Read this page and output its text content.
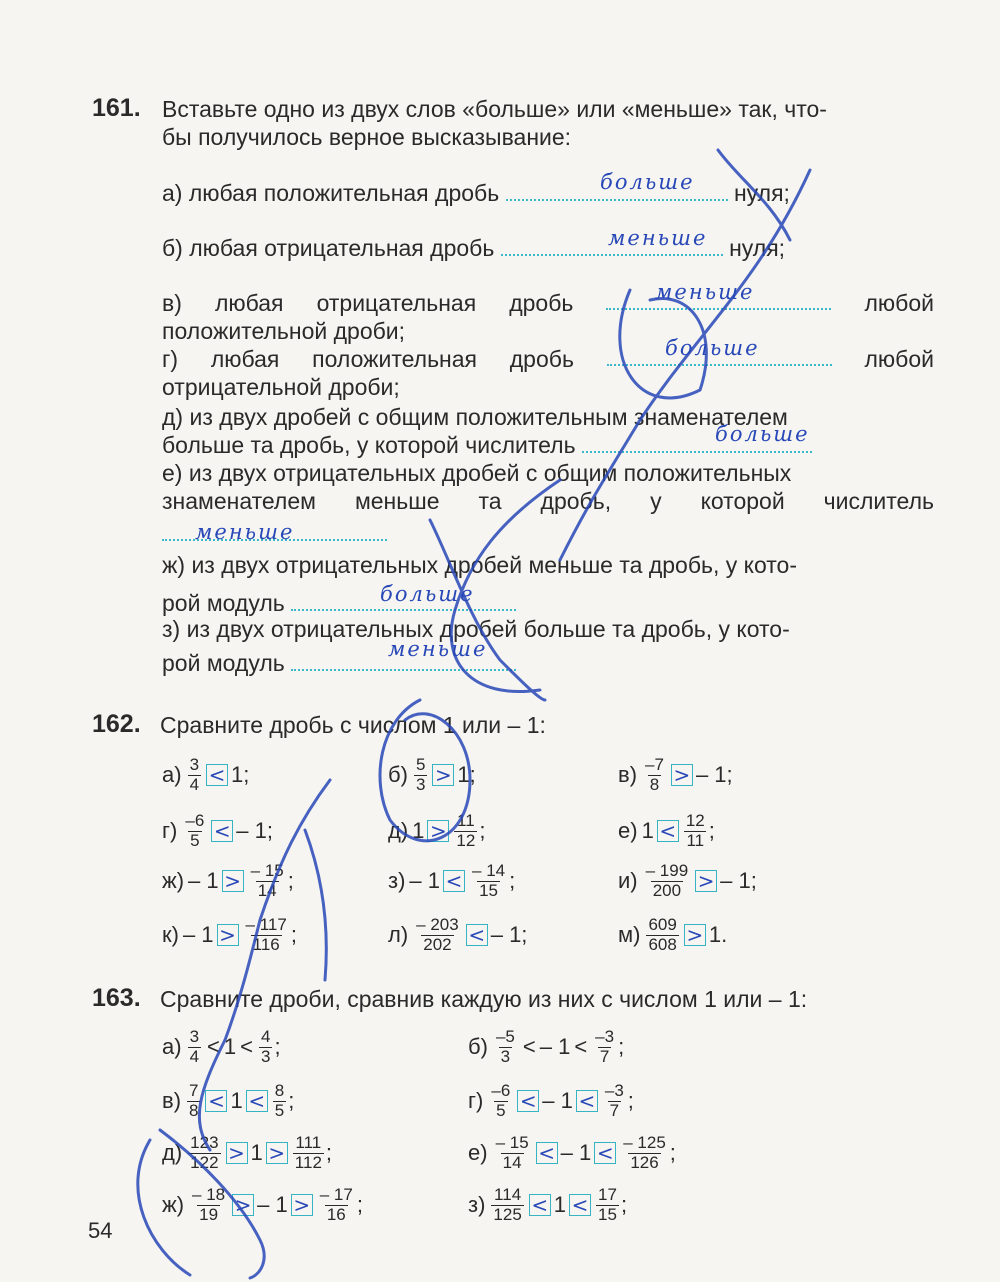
161. Вставьте одно из двух слов «больше» или «меньше» так, что-
бы получилось верное высказывание:
а) любая положительная дробь	нуля;
больше
б) любая отрицательная дробь	нуля;
меньше
в) любая отрицательная дробь	любой
меньше
положительной дроби;
г) любая положительная дробь	любой
больше
отрицательной дроби;
д) из двух дробей с общим положительным знаменателем
больше та дробь, у которой числитель	больше
е) из двух отрицательных дробей с общим положительных
знаменателем меньше та дробь, у которой числитель
меньше
ж) из двух отрицательных дробей меньше та дробь, у кото-
рой модуль	больше
з) из двух отрицательных дробей больше та дробь, у кото-
рой модуль
меньше
162. Сравните дробь с числом 1 или – 1:
$а) \frac{3}{4} < 1$;	$б) \frac{5}{3} > 1$;	$в) \frac{-7}{8}$ > – 1;
$г) \frac{-6}{5}$ < – 1;	д) $1 > \frac{11}{12}$ ;	е) $1 < \frac{12}{11}$ ;
$ж) - 1 > \frac{- 15}{14}$ ;	$з) - 1 < \frac{- 14}{15}$ ;	$и) \frac{- 199}{200}$ > – 1;
$к) - 1 > \frac{- 117}{116}$ ;	$л) \frac{- 203}{202}$ < – 1;	$м) \frac{609}{608} > 1$.
163. Сравните дроби, сравнив каждую из них с числом 1 или – 1:
$а) \frac{3}{4} < 1 < \frac{4}{3}$ ;	$б) \frac{-5}{3}$ < – $1 < \frac{-3}{7}$ ;
$в) \frac{7}{8} < 1 < \frac{8}{5}$ ;	$г) \frac{-6}{5}$ < – $1 < \frac{-3}{7}$ ;
$д) \frac{123}{122} > 1 > \frac{111}{112}$ ;	$е) \frac{- 15}{14}$ < – $1 < \frac{- 125}{126}$ ;
$ж) \frac{- 18}{19}$ > – $1 > \frac{- 17}{16}$ ;	$з) \frac{114}{125} < 1 < \frac{17}{15}$ ;
54
